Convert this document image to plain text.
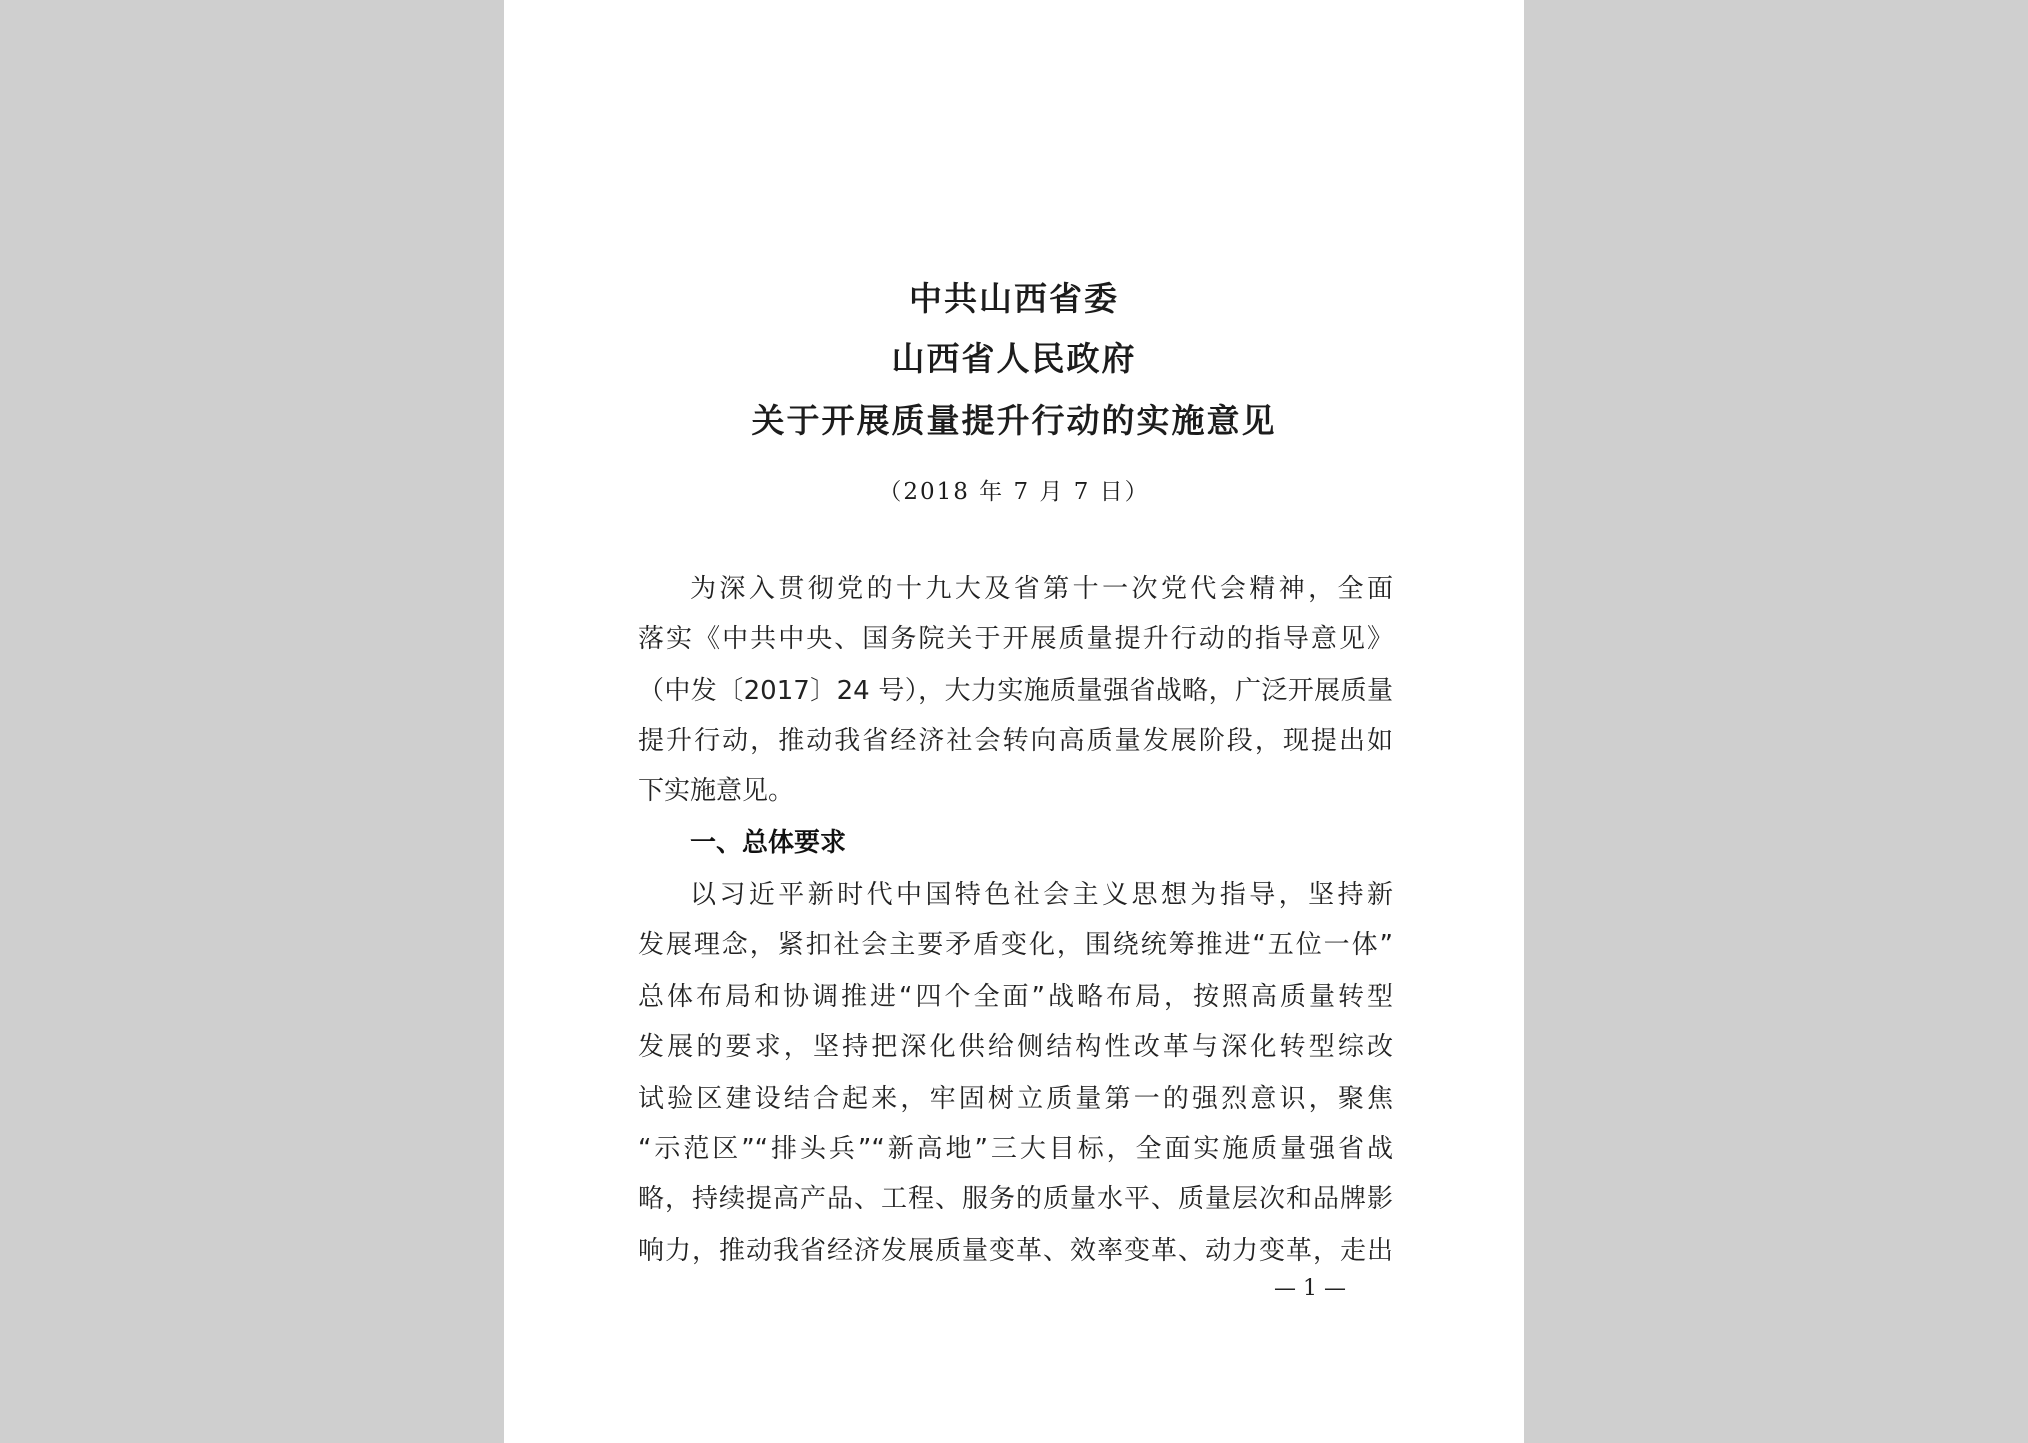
中共山西省委
山西省人民政府
关于开展质量提升行动的实施意见
（2018 年 7 月 7 日）
为深入贯彻党的十九大及省第十一次党代会精神，全面
落实《中共中央、国务院关于开展质量提升行动的指导意见》
（中发〔2017〕24 号），大力实施质量强省战略，广泛开展质量
提升行动，推动我省经济社会转向高质量发展阶段，现提出如
下实施意见。
一、总体要求
以习近平新时代中国特色社会主义思想为指导，坚持新
发展理念，紧扣社会主要矛盾变化，围绕统筹推进“五位一体”
总体布局和协调推进“四个全面”战略布局，按照高质量转型
发展的要求，坚持把深化供给侧结构性改革与深化转型综改
试验区建设结合起来，牢固树立质量第一的强烈意识，聚焦
“示范区”“排头兵”“新高地”三大目标，全面实施质量强省战
略，持续提高产品、工程、服务的质量水平、质量层次和品牌影
响力，推动我省经济发展质量变革、效率变革、动力变革，走出
— 1 —
